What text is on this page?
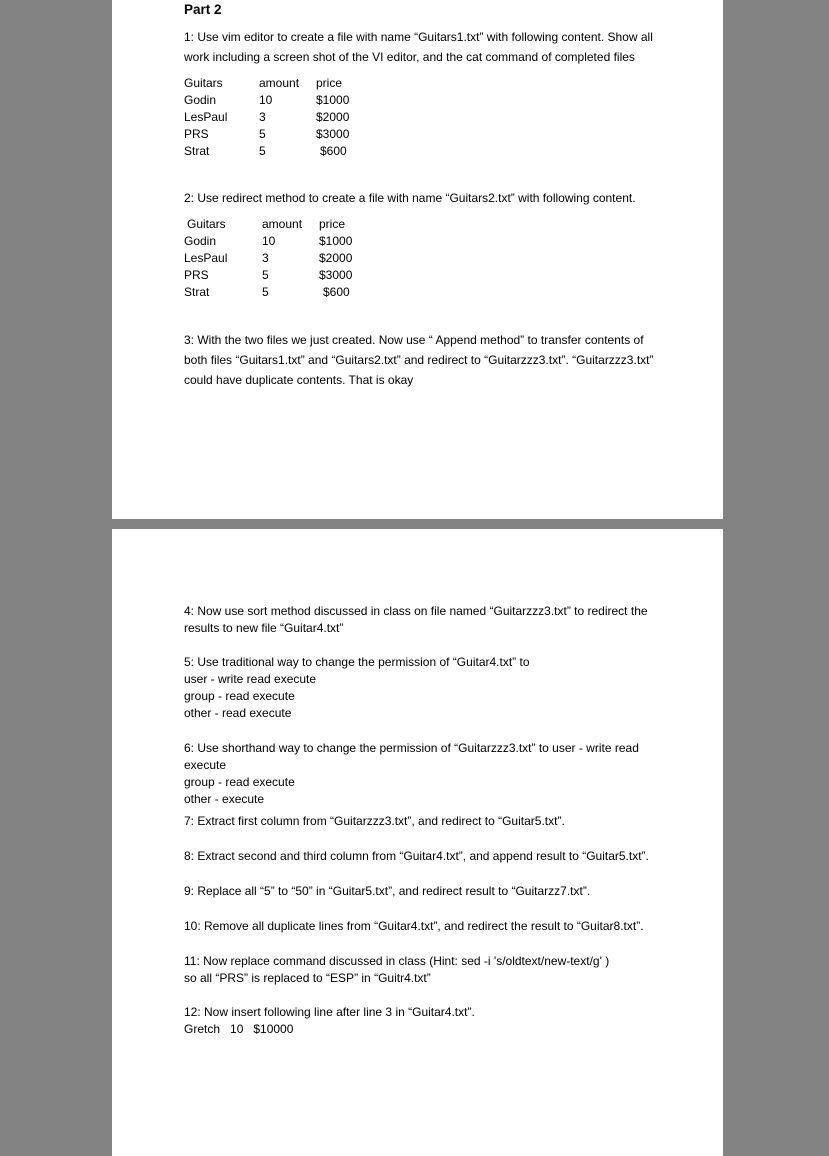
Part 2

1: Use vim editor to create a file with name “Guitars1.txt” with following content. Show all work including a screen shot of the VI editor, and the cat command of completed files

Guitars	amount	price
Godin	10	$1000
LesPaul	3	$2000
PRS	5	$3000
Strat	5	$600

2: Use redirect method to create a file with name “Guitars2.txt” with following content.

Guitars	amount	price
Godin	10	$1000
LesPaul	3	$2000
PRS	5	$3000
Strat	5	$600

3: With the two files we just created. Now use “ Append method” to transfer contents of both files “Guitars1.txt” and “Guitars2.txt” and redirect to “Guitarzzz3.txt”. “Guitarzzz3.txt” could have duplicate contents. That is okay

4: Now use sort method discussed in class on file named “Guitarzzz3.txt” to redirect the results to new file “Guitar4.txt”

5: Use traditional way to change the permission of “Guitar4.txt” to

user - write read execute

group - read execute

other - read execute

6: Use shorthand way to change the permission of “Guitarzzz3.txt” to user - write read execute

group - read execute

other - execute

7: Extract first column from “Guitarzzz3.txt”, and redirect to “Guitar5.txt”.

8: Extract second and third column from “Guitar4.txt”, and append result to “Guitar5.txt”.

9: Replace all “5” to “50” in “Guitar5.txt”, and redirect result to “Guitarzz7.txt”.

10: Remove all duplicate lines from “Guitar4.txt”, and redirect the result to “Guitar8.txt”.

11: Now replace command discussed in class (Hint: sed -i 's/oldtext/new-text/g' )

so all “PRS” is replaced to “ESP” in “Guitr4.txt”

12: Now insert following line after line 3 in “Guitar4.txt”.

Gretch   10   $10000
